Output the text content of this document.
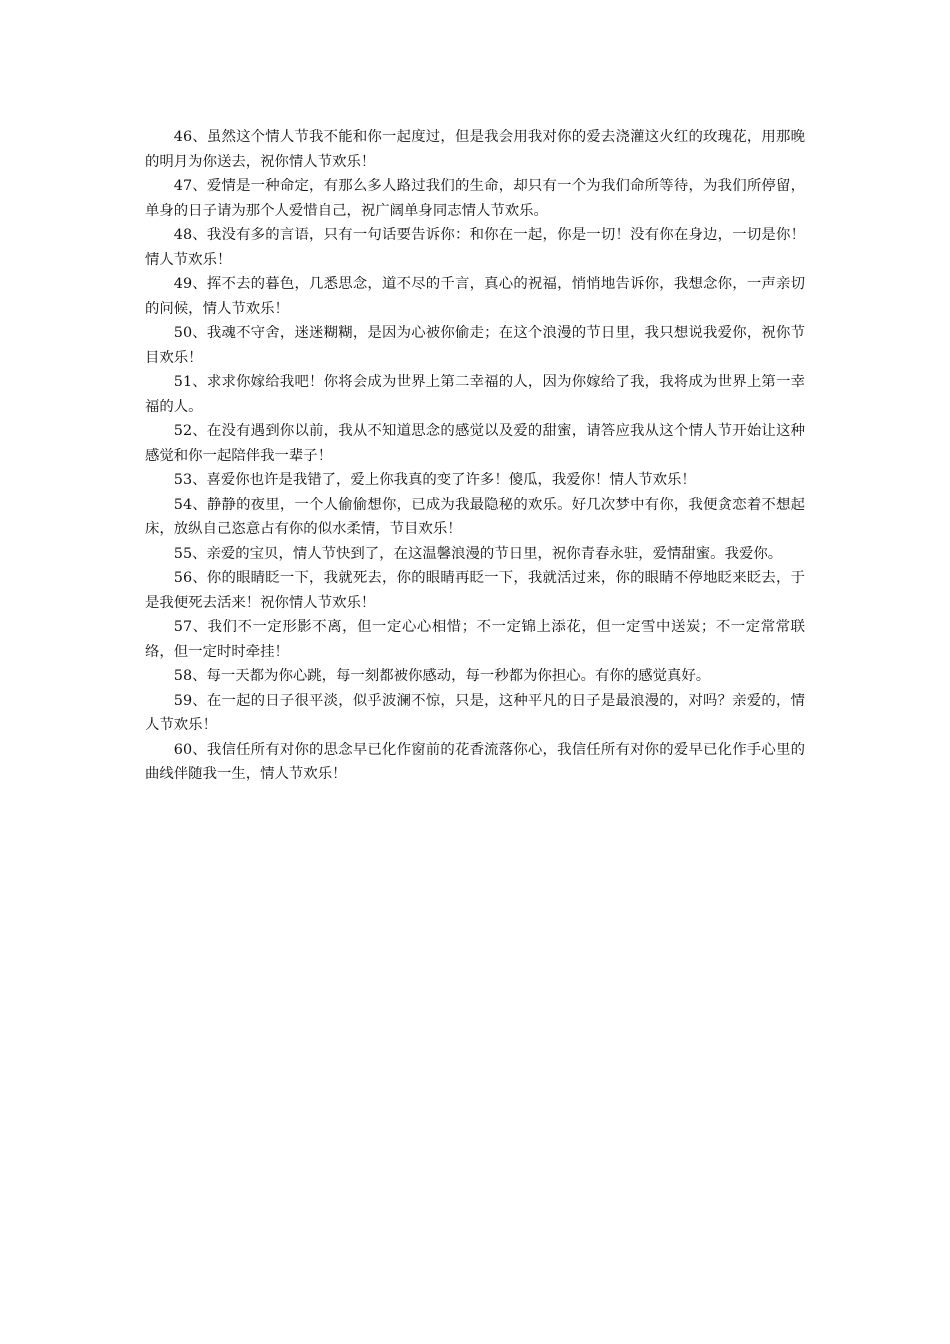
46、虽然这个情人节我不能和你一起度过，但是我会用我对你的爱去浇灌这火红的玫瑰花，用那晚的明月为你送去，祝你情人节欢乐！

47、爱情是一种命定，有那么多人路过我们的生命，却只有一个为我们命所等待，为我们所停留，单身的日子请为那个人爱惜自己，祝广阔单身同志情人节欢乐。

48、我没有多的言语，只有一句话要告诉你：和你在一起，你是一切！没有你在身边，一切是你！情人节欢乐！

49、挥不去的暮色，几悉思念，道不尽的千言，真心的祝福，悄悄地告诉你，我想念你，一声亲切的问候，情人节欢乐！

50、我魂不守舍，迷迷糊糊，是因为心被你偷走；在这个浪漫的节日里，我只想说我爱你，祝你节目欢乐！

51、求求你嫁给我吧！你将会成为世界上第二幸福的人，因为你嫁给了我，我将成为世界上第一幸福的人。

52、在没有遇到你以前，我从不知道思念的感觉以及爱的甜蜜，请答应我从这个情人节开始让这种感觉和你一起陪伴我一辈子！

53、喜爱你也许是我错了，爱上你我真的变了许多！傻瓜，我爱你！情人节欢乐！

54、静静的夜里，一个人偷偷想你，已成为我最隐秘的欢乐。好几次梦中有你，我便贪恋着不想起床，放纵自己恣意占有你的似水柔情，节目欢乐！

55、亲爱的宝贝，情人节快到了，在这温馨浪漫的节日里，祝你青春永驻，爱情甜蜜。我爱你。

56、你的眼睛眨一下，我就死去，你的眼睛再眨一下，我就活过来，你的眼睛不停地眨来眨去，于是我便死去活来！祝你情人节欢乐！

57、我们不一定形影不离，但一定心心相惜；不一定锦上添花，但一定雪中送炭；不一定常常联络，但一定时时牵挂！

58、每一天都为你心跳，每一刻都被你感动，每一秒都为你担心。有你的感觉真好。

59、在一起的日子很平淡，似乎波澜不惊，只是，这种平凡的日子是最浪漫的，对吗？亲爱的，情人节欢乐！

60、我信任所有对你的思念早已化作窗前的花香流落你心，我信任所有对你的爱早已化作手心里的曲线伴随我一生，情人节欢乐！
